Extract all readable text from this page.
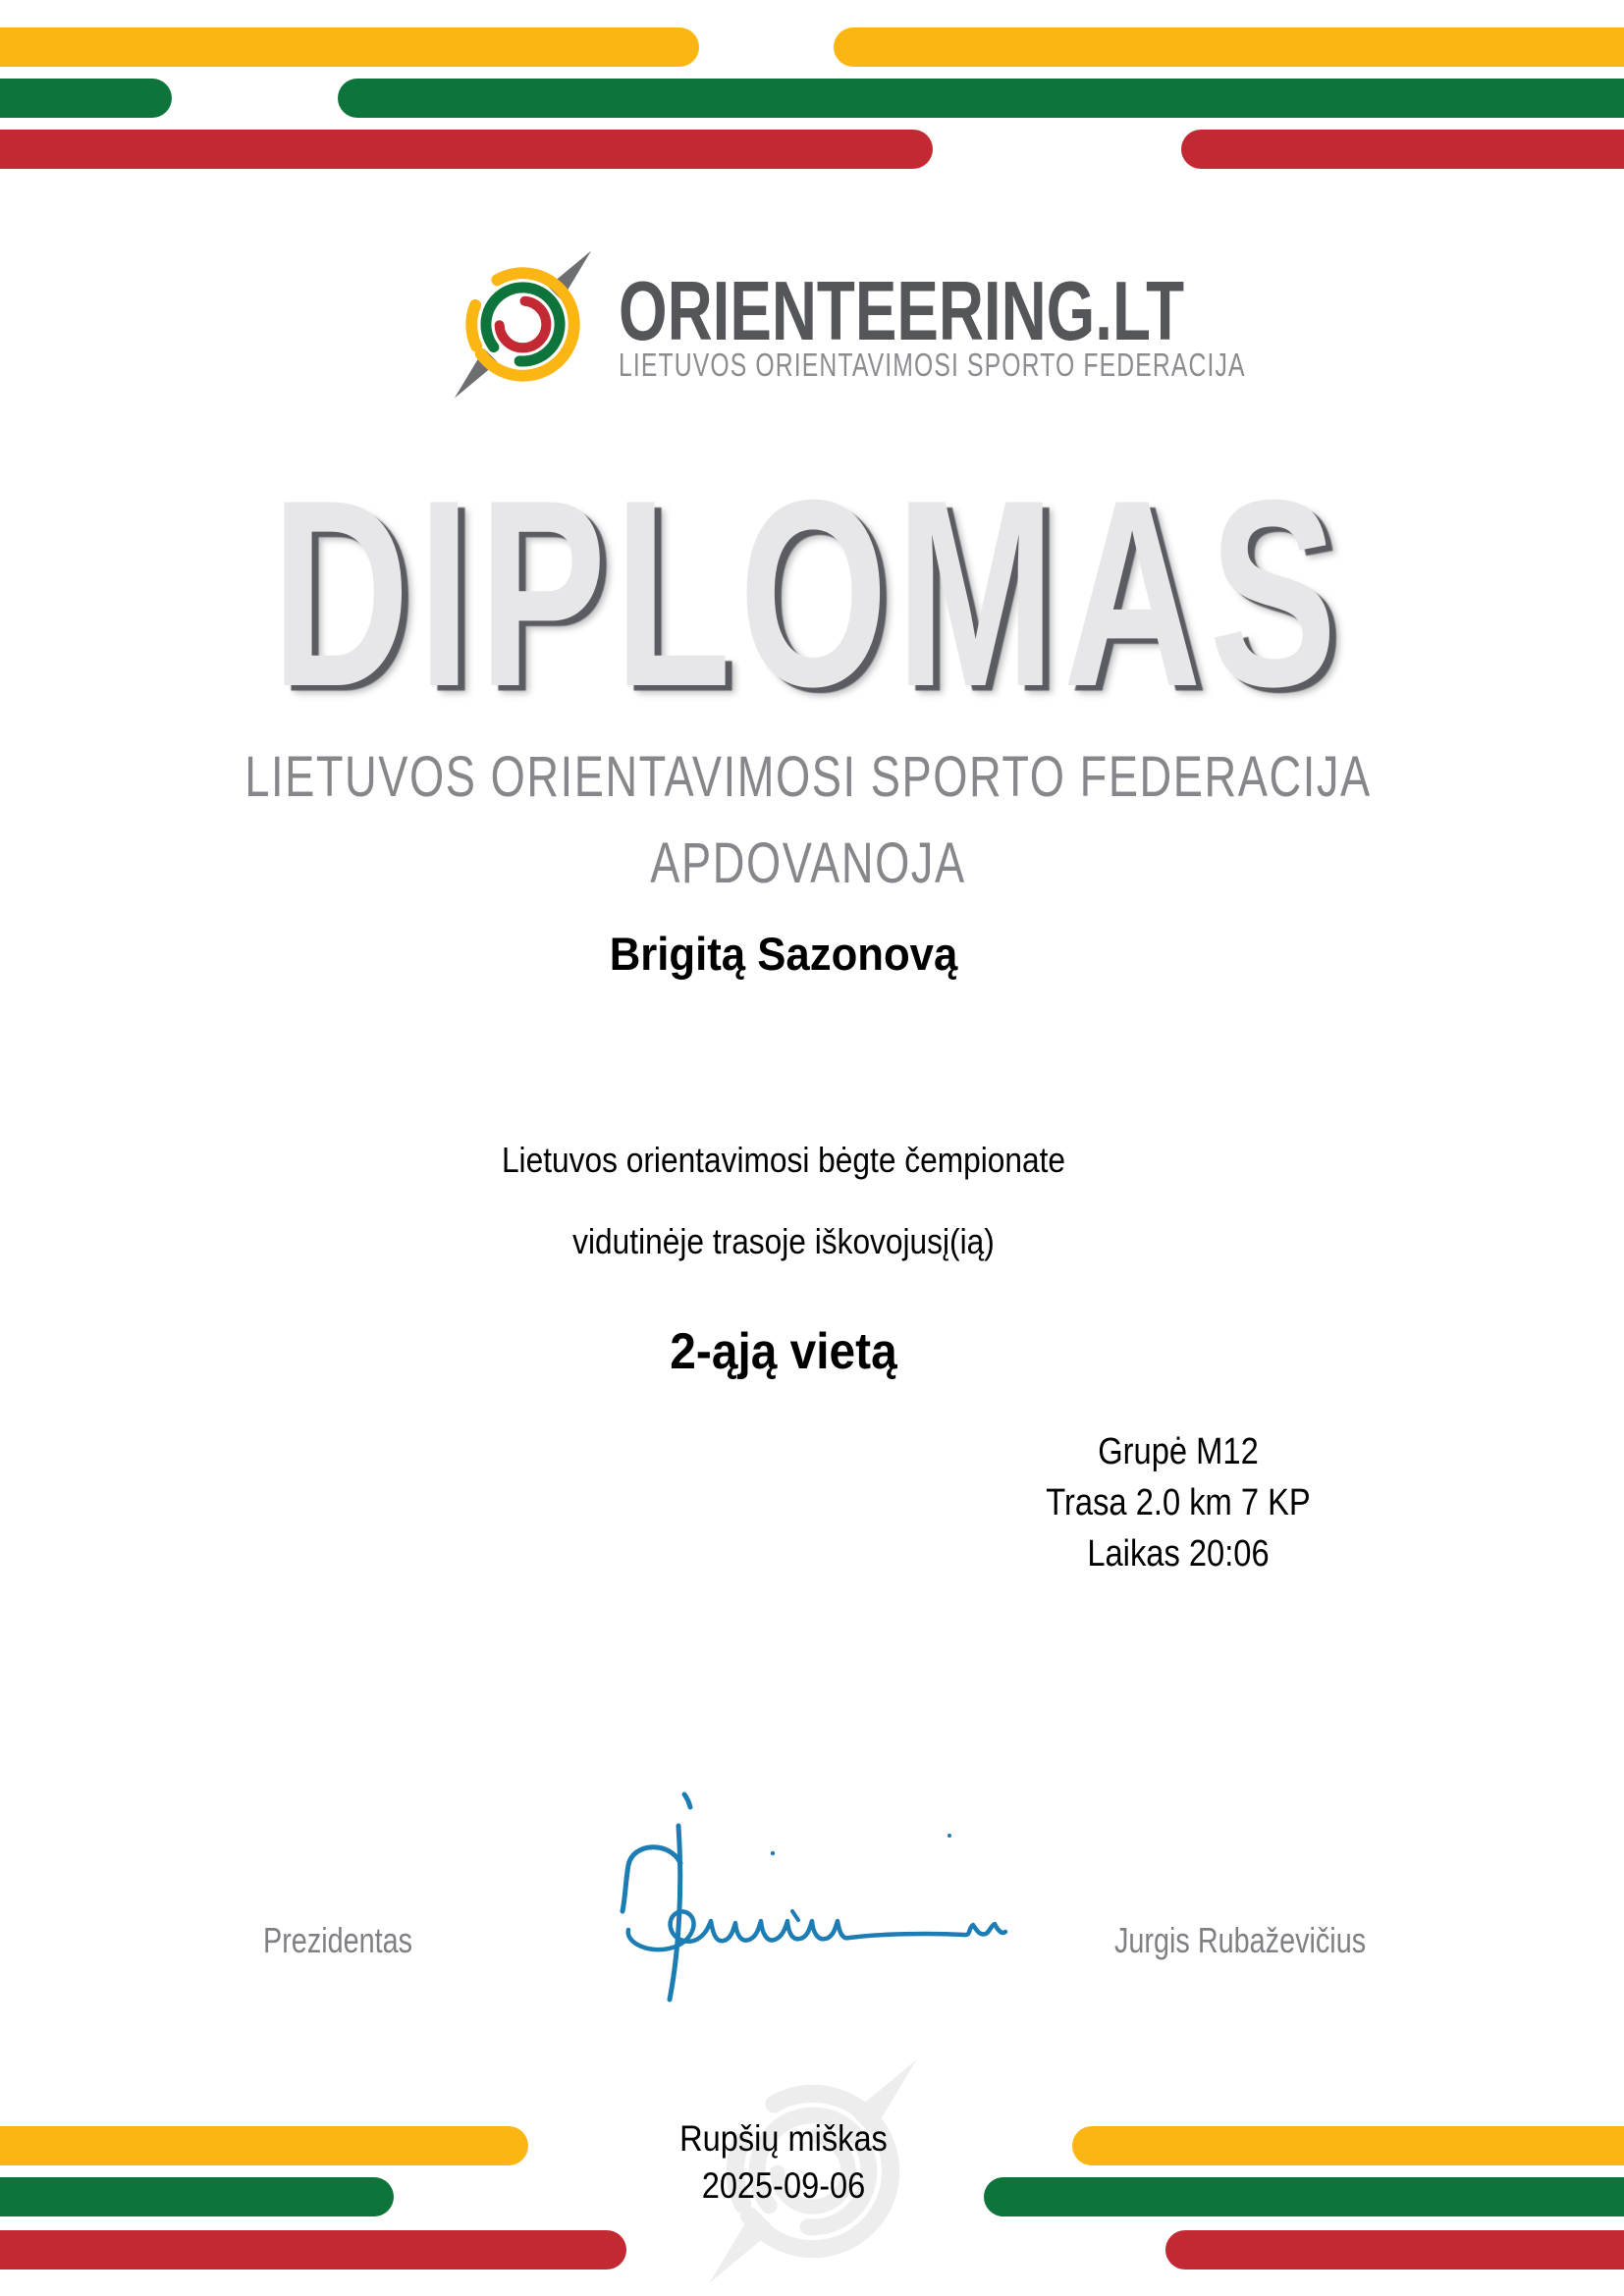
ORIENTEERING.LT
LIETUVOS ORIENTAVIMOSI SPORTO FEDERACIJA
DIPLOMAS
LIETUVOS ORIENTAVIMOSI SPORTO FEDERACIJA
APDOVANOJA
Brigitą Sazonovą
Lietuvos orientavimosi bėgte čempionate
vidutinėje trasoje iškovojusį(ią)
2-ąją vietą
Grupė M12
Trasa 2.0 km 7 KP
Laikas 20:06
Prezidentas	Jurgis Rubaževičius
Rupšių miškas
2025-09-06
